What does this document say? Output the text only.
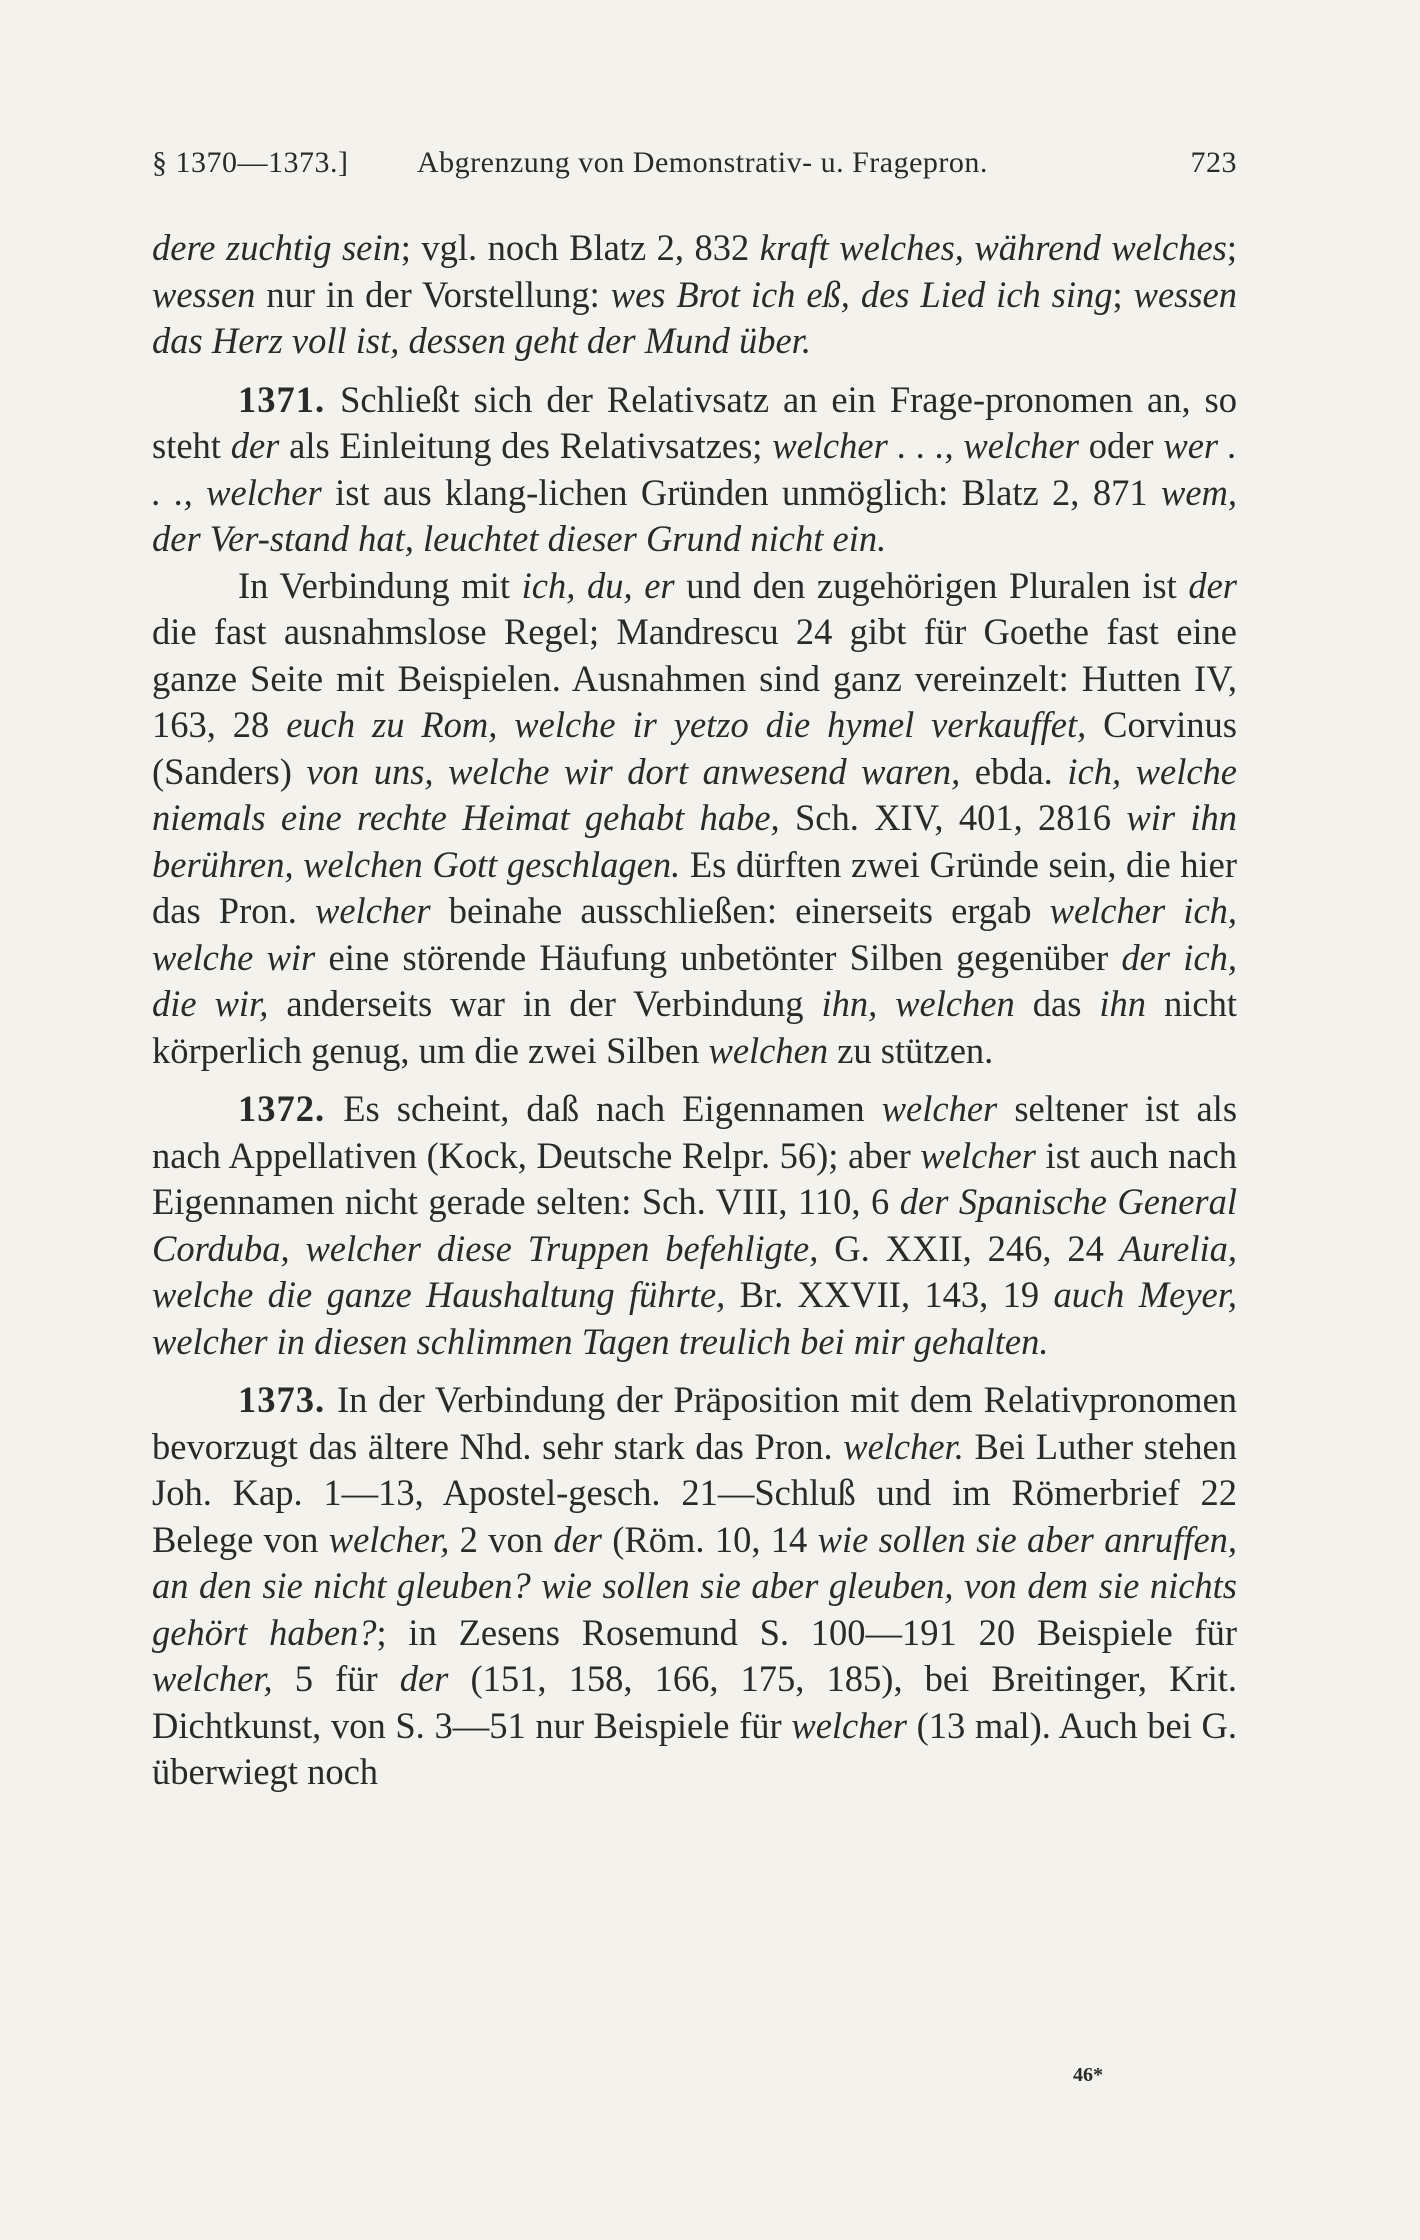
§ 1370—1373.] Abgrenzung von Demonstrativ- u. Fragepron.	723

dere zuchtig sein; vgl. noch Blatz 2, 832 kraft welches, während welches; wessen nur in der Vorstellung: wes Brot ich eß, des Lied ich sing; wessen das Herz voll ist, dessen geht der Mund über.

1371. Schließt sich der Relativsatz an ein Frage-pronomen an, so steht der als Einleitung des Relativsatzes; welcher . . ., welcher oder wer . . ., welcher ist aus klang-lichen Gründen unmöglich: Blatz 2, 871 wem, der Ver-stand hat, leuchtet dieser Grund nicht ein.

In Verbindung mit ich, du, er und den zugehörigen Pluralen ist der die fast ausnahmslose Regel; Mandrescu 24 gibt für Goethe fast eine ganze Seite mit Beispielen. Ausnahmen sind ganz vereinzelt: Hutten IV, 163, 28 euch zu Rom, welche ir yetzo die hymel verkauffet, Corvinus (Sanders) von uns, welche wir dort anwesend waren, ebda. ich, welche niemals eine rechte Heimat gehabt habe, Sch. XIV, 401, 2816 wir ihn berühren, welchen Gott geschlagen. Es dürften zwei Gründe sein, die hier das Pron. welcher beinahe ausschließen: einerseits ergab welcher ich, welche wir eine störende Häufung unbetönter Silben gegenüber der ich, die wir, anderseits war in der Verbindung ihn, welchen das ihn nicht körperlich genug, um die zwei Silben welchen zu stützen.

1372. Es scheint, daß nach Eigennamen welcher seltener ist als nach Appellativen (Kock, Deutsche Relpr. 56); aber welcher ist auch nach Eigennamen nicht gerade selten: Sch. VIII, 110, 6 der Spanische General Corduba, welcher diese Truppen befehligte, G. XXII, 246, 24 Aurelia, welche die ganze Haushaltung führte, Br. XXVII, 143, 19 auch Meyer, welcher in diesen schlimmen Tagen treulich bei mir gehalten.

1373. In der Verbindung der Präposition mit dem Relativpronomen bevorzugt das ältere Nhd. sehr stark das Pron. welcher. Bei Luther stehen Joh. Kap. 1—13, Apostel-gesch. 21—Schluß und im Römerbrief 22 Belege von welcher, 2 von der (Röm. 10, 14 wie sollen sie aber anruffen, an den sie nicht gleuben? wie sollen sie aber gleuben, von dem sie nichts gehört haben?; in Zesens Rosemund S. 100—191 20 Beispiele für welcher, 5 für der (151, 158, 166, 175, 185), bei Breitinger, Krit. Dichtkunst, von S. 3—51 nur Beispiele für welcher (13 mal). Auch bei G. überwiegt noch

46*
